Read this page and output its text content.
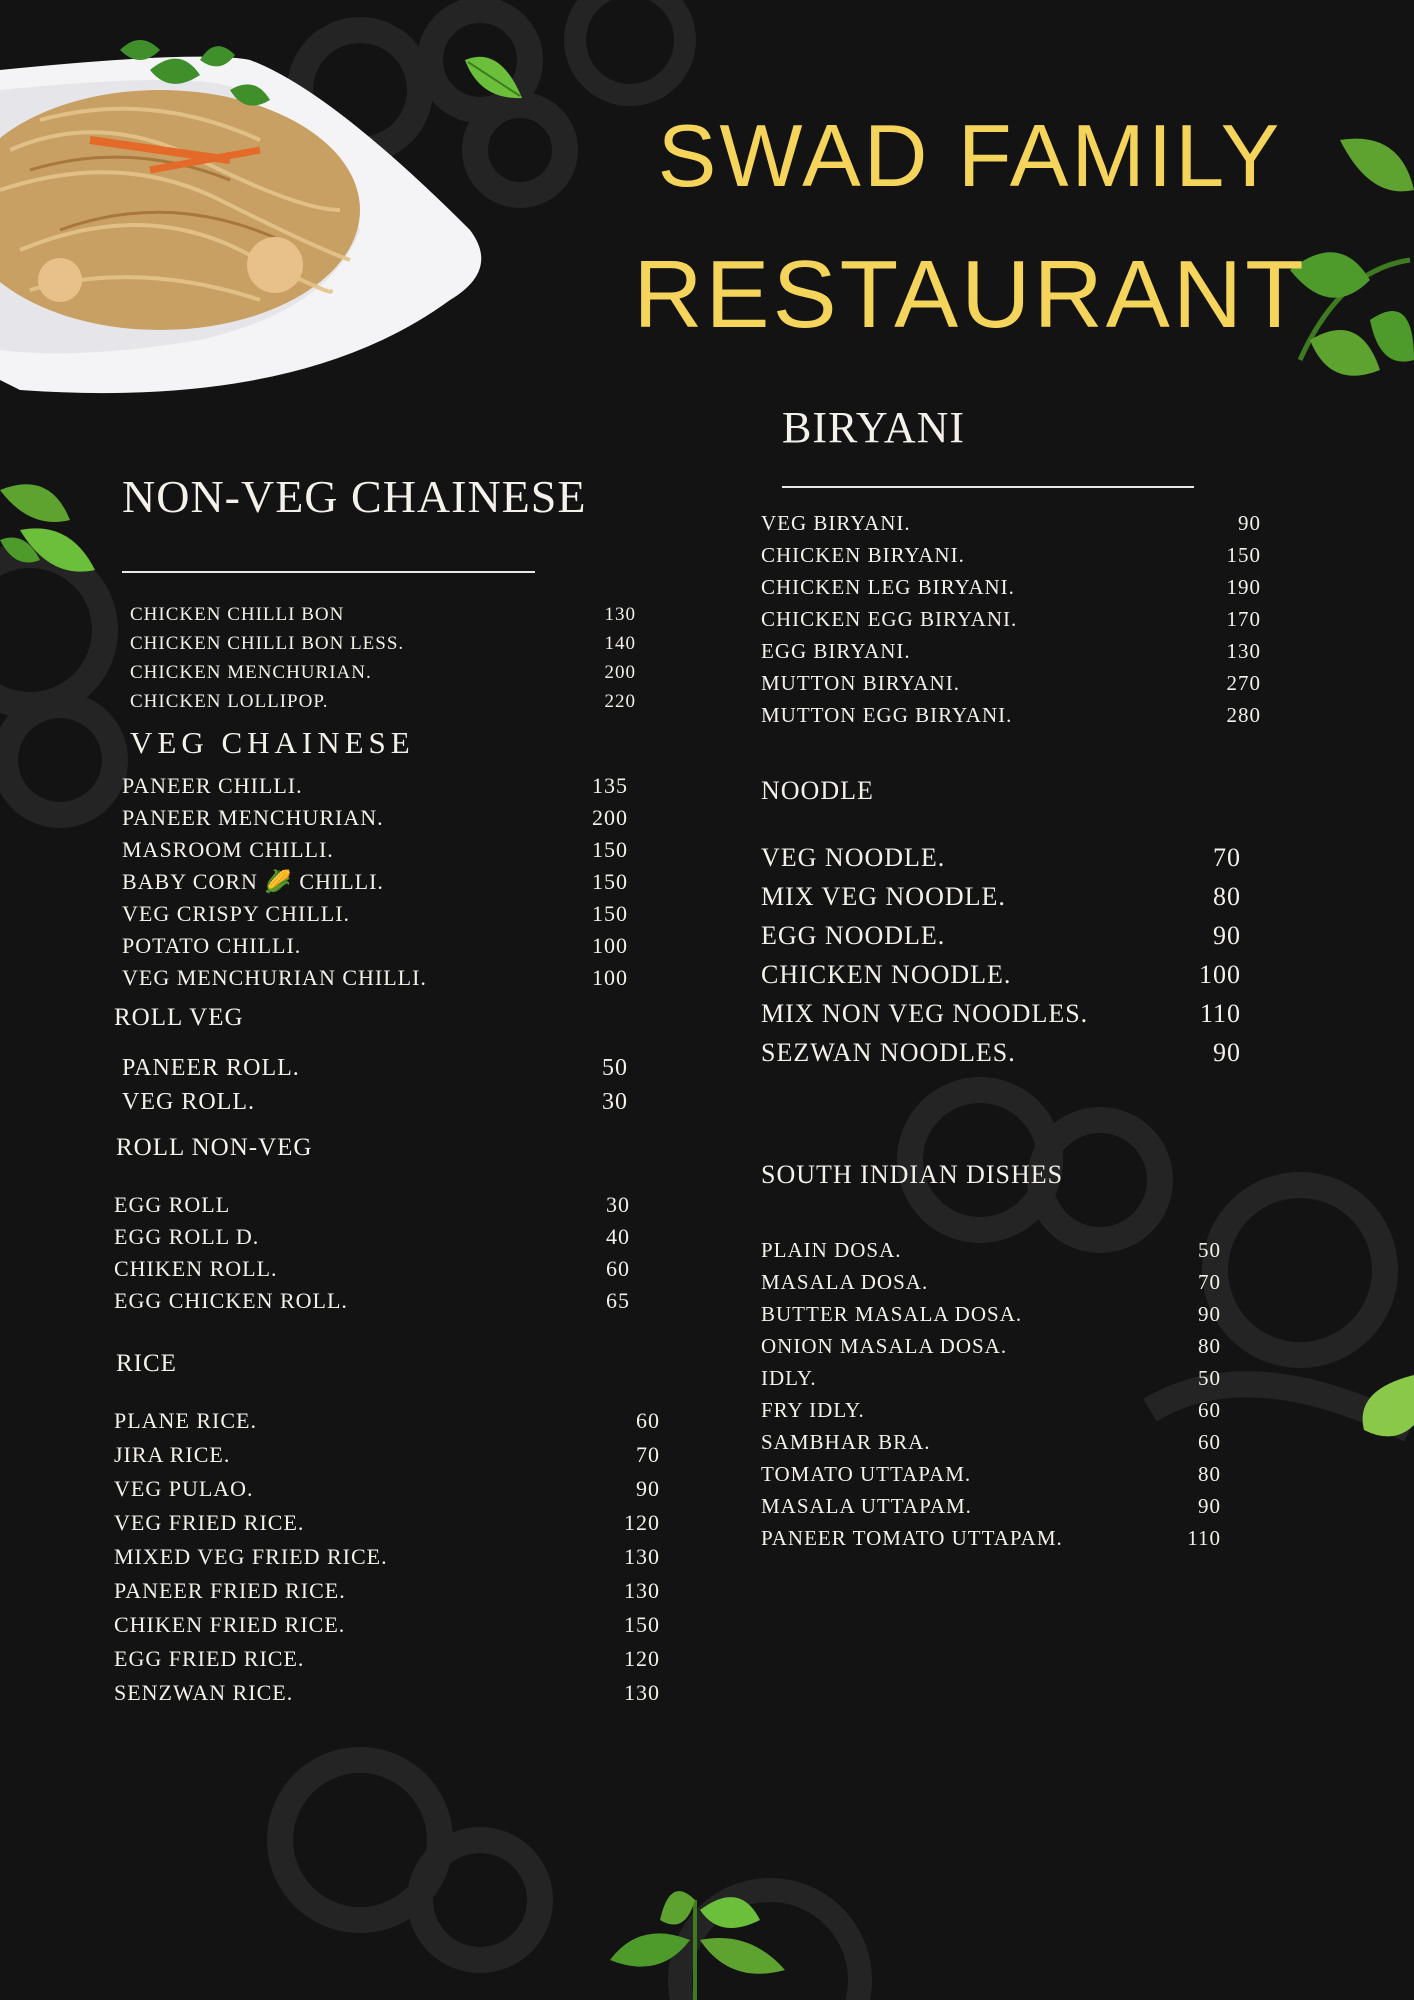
SWAD FAMILY
RESTAURANT
NON-VEG CHAINESE
CHICKEN CHILLI BON	130
CHICKEN CHILLI BON LESS.	140
CHICKEN MENCHURIAN.	200
CHICKEN LOLLIPOP.	220
VEG CHAINESE
PANEER CHILLI.	135
PANEER MENCHURIAN.	200
MASROOM CHILLI.	150
BABY CORN 🌽 CHILLI.	150
VEG CRISPY CHILLI.	150
POTATO CHILLI.	100
VEG MENCHURIAN CHILLI.	100
ROLL VEG
PANEER ROLL.	50
VEG ROLL.	30
ROLL NON-VEG
EGG ROLL	30
EGG ROLL D.	40
CHIKEN ROLL.	60
EGG CHICKEN ROLL.	65
RICE
PLANE RICE.	60
JIRA RICE.	70
VEG PULAO.	90
VEG FRIED RICE.	120
MIXED VEG FRIED RICE.	130
PANEER FRIED RICE.	130
CHIKEN FRIED RICE.	150
EGG FRIED RICE.	120
SENZWAN RICE.	130
BIRYANI
VEG BIRYANI.	90
CHICKEN BIRYANI.	150
CHICKEN LEG BIRYANI.	190
CHICKEN EGG BIRYANI.	170
EGG BIRYANI.	130
MUTTON BIRYANI.	270
MUTTON EGG BIRYANI.	280
NOODLE
VEG NOODLE.	70
MIX VEG NOODLE.	80
EGG NOODLE.	90
CHICKEN NOODLE.	100
MIX NON VEG NOODLES.	110
SEZWAN NOODLES.	90
SOUTH INDIAN DISHES
PLAIN DOSA.	50
MASALA DOSA.	70
BUTTER MASALA DOSA.	90
ONION MASALA DOSA.	80
IDLY.	50
FRY IDLY.	60
SAMBHAR BRA.	60
TOMATO UTTAPAM.	80
MASALA UTTAPAM.	90
PANEER TOMATO UTTAPAM.	110
